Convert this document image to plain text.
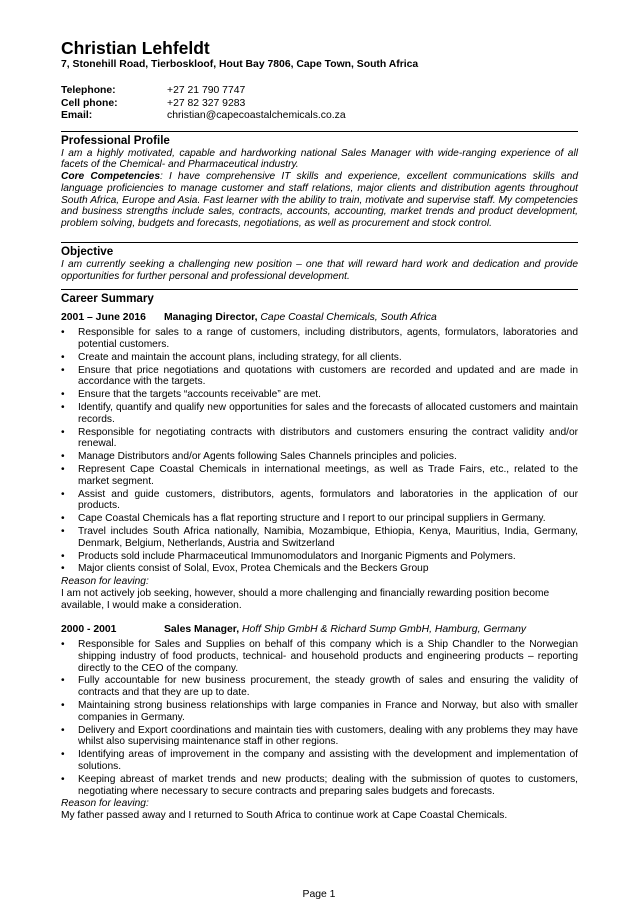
Christian Lehfeldt

7, Stonehill Road, Tierboskloof, Hout Bay 7806, Cape Town, South Africa

Telephone:	+27 21 790 7747
Cell phone:	+27 82 327 9283
Email:	christian@capecoastalchemicals.co.za
Professional Profile

I am a highly motivated, capable and hardworking national Sales Manager with wide-ranging experience of all facets of the Chemical- and Pharmaceutical industry.

Core Competencies: I have comprehensive IT skills and experience, excellent communications skills and language proficiencies to manage customer and staff relations, major clients and distribution agents throughout South Africa, Europe and Asia. Fast learner with the ability to train, motivate and supervise staff. My competencies and business strengths include sales, contracts, accounts, accounting, market trends and product development, problem solving, budgets and forecasts, negotiations, as well as procurement and stock control.

Objective

I am currently seeking a challenging new position – one that will reward hard work and dedication and provide opportunities for further personal and professional development.

Career Summary
2001 – June 2016	Managing Director,
Cape Coastal Chemicals, South Africa
• Responsible for sales to a range of customers, including distributors, agents, formulators, laboratories and potential customers.
• Create and maintain the account plans, including strategy, for all clients.
• Ensure that price negotiations and quotations with customers are recorded and updated and are made in accordance with the targets.
• Ensure that the targets “accounts receivable” are met.
• Identify, quantify and qualify new opportunities for sales and the forecasts of allocated customers and maintain records.
• Responsible for negotiating contracts with distributors and customers ensuring the contract validity and/or renewal.
• Manage Distributors and/or Agents following Sales Channels principles and policies.
• Represent Cape Coastal Chemicals in international meetings, as well as Trade Fairs, etc., related to the market segment.
• Assist and guide customers, distributors, agents, formulators and laboratories in the application of our products.
• Cape Coastal Chemicals has a flat reporting structure and I report to our principal suppliers in Germany.
• Travel includes South Africa nationally, Namibia, Mozambique, Ethiopia, Kenya, Mauritius, India, Germany, Denmark, Belgium, Netherlands, Austria and Switzerland
• Products sold include Pharmaceutical Immunomodulators and Inorganic Pigments and Polymers.
• Major clients consist of Solal, Evox, Protea Chemicals and the Beckers Group

Reason for leaving:

I am not actively job seeking, however, should a more challenging and financially rewarding position become available, I would make a consideration.

2000 - 2001	Sales Manager,
Hoff Ship GmbH & Richard Sump GmbH, Hamburg, Germany
• Responsible for Sales and Supplies on behalf of this company which is a Ship Chandler to the Norwegian shipping industry of food products, technical- and household products and engineering products – reporting directly to the CEO of the company.
• Fully accountable for new business procurement, the steady growth of sales and ensuring the validity of contracts and that they are up to date.
• Maintaining strong business relationships with large companies in France and Norway, but also with smaller companies in Germany.
• Delivery and Export coordinations and maintain ties with customers, dealing with any problems they may have whilst also supervising maintenance staff in other regions.
• Identifying areas of improvement in the company and assisting with the development and implementation of solutions.
• Keeping abreast of market trends and new products; dealing with the submission of quotes to customers, negotiating where necessary to secure contracts and preparing sales budgets and forecasts.

Reason for leaving:

My father passed away and I returned to South Africa to continue work at Cape Coastal Chemicals.

Page 1
